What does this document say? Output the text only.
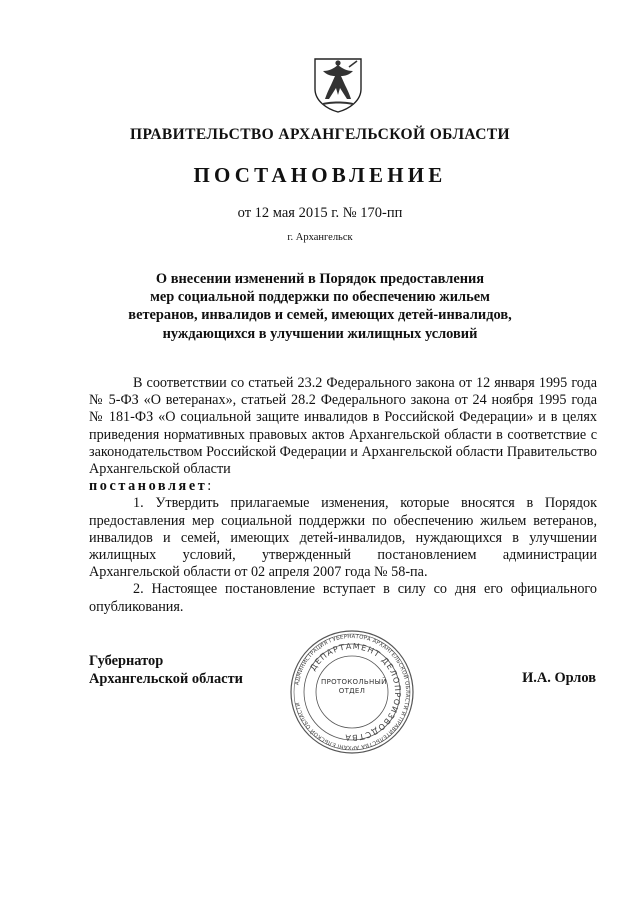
ПРАВИТЕЛЬСТВО АРХАНГЕЛЬСКОЙ ОБЛАСТИ
ПОСТАНОВЛЕНИЕ
от 12 мая 2015 г. № 170-пп
г. Архангельск
О внесении изменений в Порядок предоставления
мер социальной поддержки по обеспечению жильем
ветеранов, инвалидов и семей, имеющих детей-инвалидов,
нуждающихся в улучшении жилищных условий

В соответствии со статьей 23.2 Федерального закона от 12 января 1995 года № 5-ФЗ «О ветеранах», статьей 28.2 Федерального закона от 24 ноября 1995 года № 181-ФЗ «О социальной защите инвалидов в Российской Федерации» и в целях приведения нормативных правовых актов Архангельской области в соответствие с законодательством Российской Федерации и Архангельской области Правительство Архангельской области

постановляет:

1. Утвердить прилагаемые изменения, которые вносятся в Порядок предоставления мер социальной поддержки по обеспечению жильем ветеранов, инвалидов и семей, имеющих детей-инвалидов, нуждающихся в улучшении жилищных условий, утвержденный постановлением администрации Архангельской области от 02 апреля 2007 года № 58-па.

2. Настоящее постановление вступает в силу со дня его официального опубликования.

Губернатор
Архангельской области	И.А. Орлов
АДМИНИСТРАЦИЯ ГУБЕРНАТОРА АРХАНГЕЛЬСКОЙ ОБЛАСТИ И ПРАВИТЕЛЬСТВА АРХАНГЕЛЬСКОЙ ОБЛАСТИ
ДЕПАРТАМЕНТ ДЕЛОПРОИЗВОДСТВА
ПРОТОКОЛЬНЫЙ
ОТДЕЛ
